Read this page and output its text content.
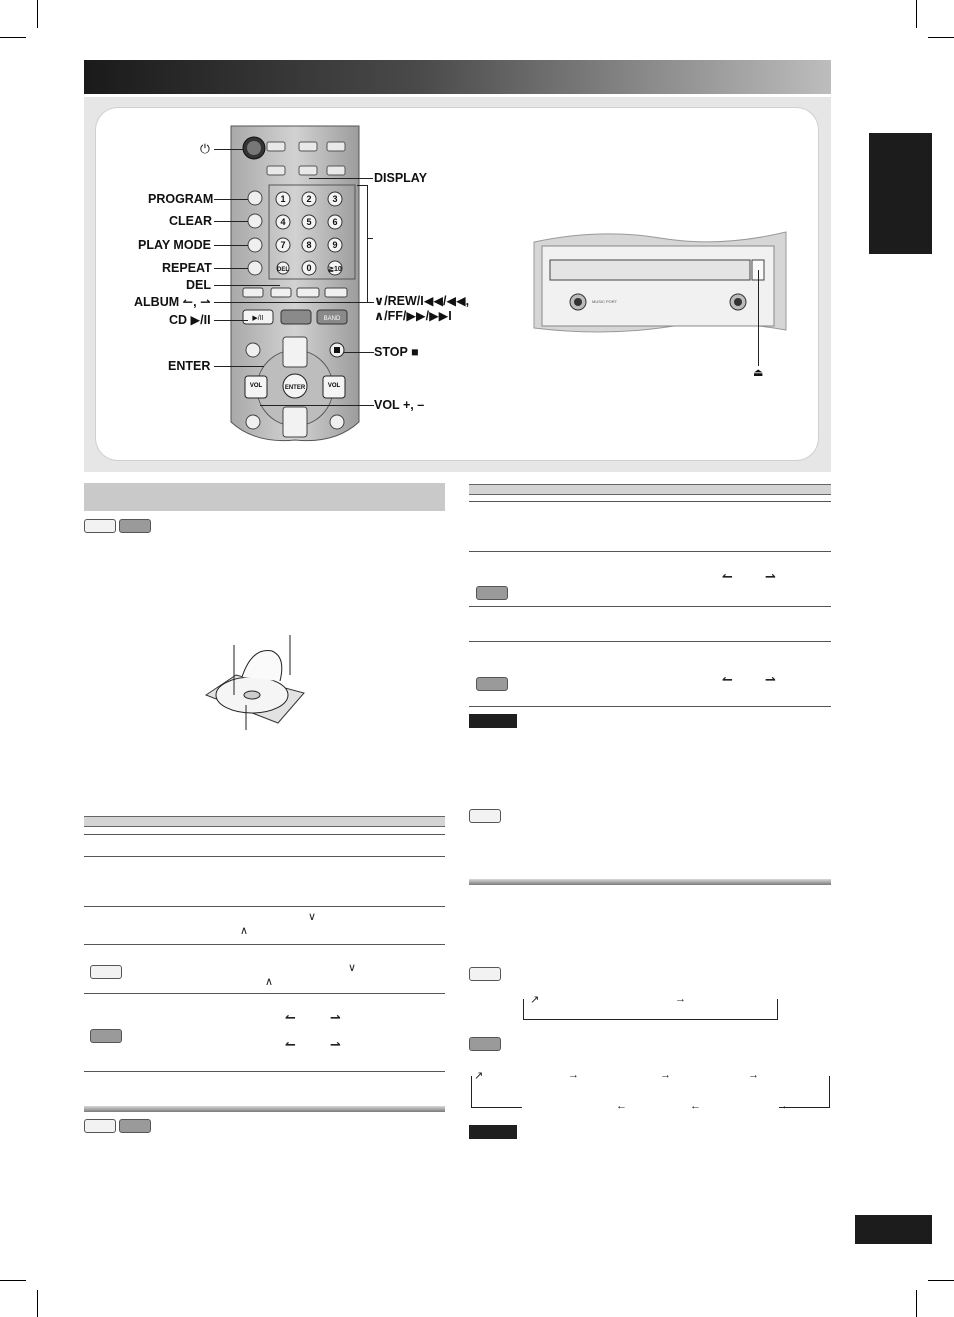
1 2 3
4 5 6
7 8 9
DEL 0 ≧10
▶/II	BAND
ENTER
VOL	VOL
⏻
PROGRAM
CLEAR
PLAY MODE
REPEAT
DEL
ALBUM ↼, ⇀
CD ▶/II
ENTER
DISPLAY
∨/REW/I◀◀/◀◀,
∧/FF/▶▶/▶▶I
STOP ■
VOL +, –
MUSIC PORT
⏏
∨
∧
∨
∧
↼	⇀
↼	⇀
↼ ⇀
↼ ⇀
↗	→
↗	→	→	→
←	←	←
